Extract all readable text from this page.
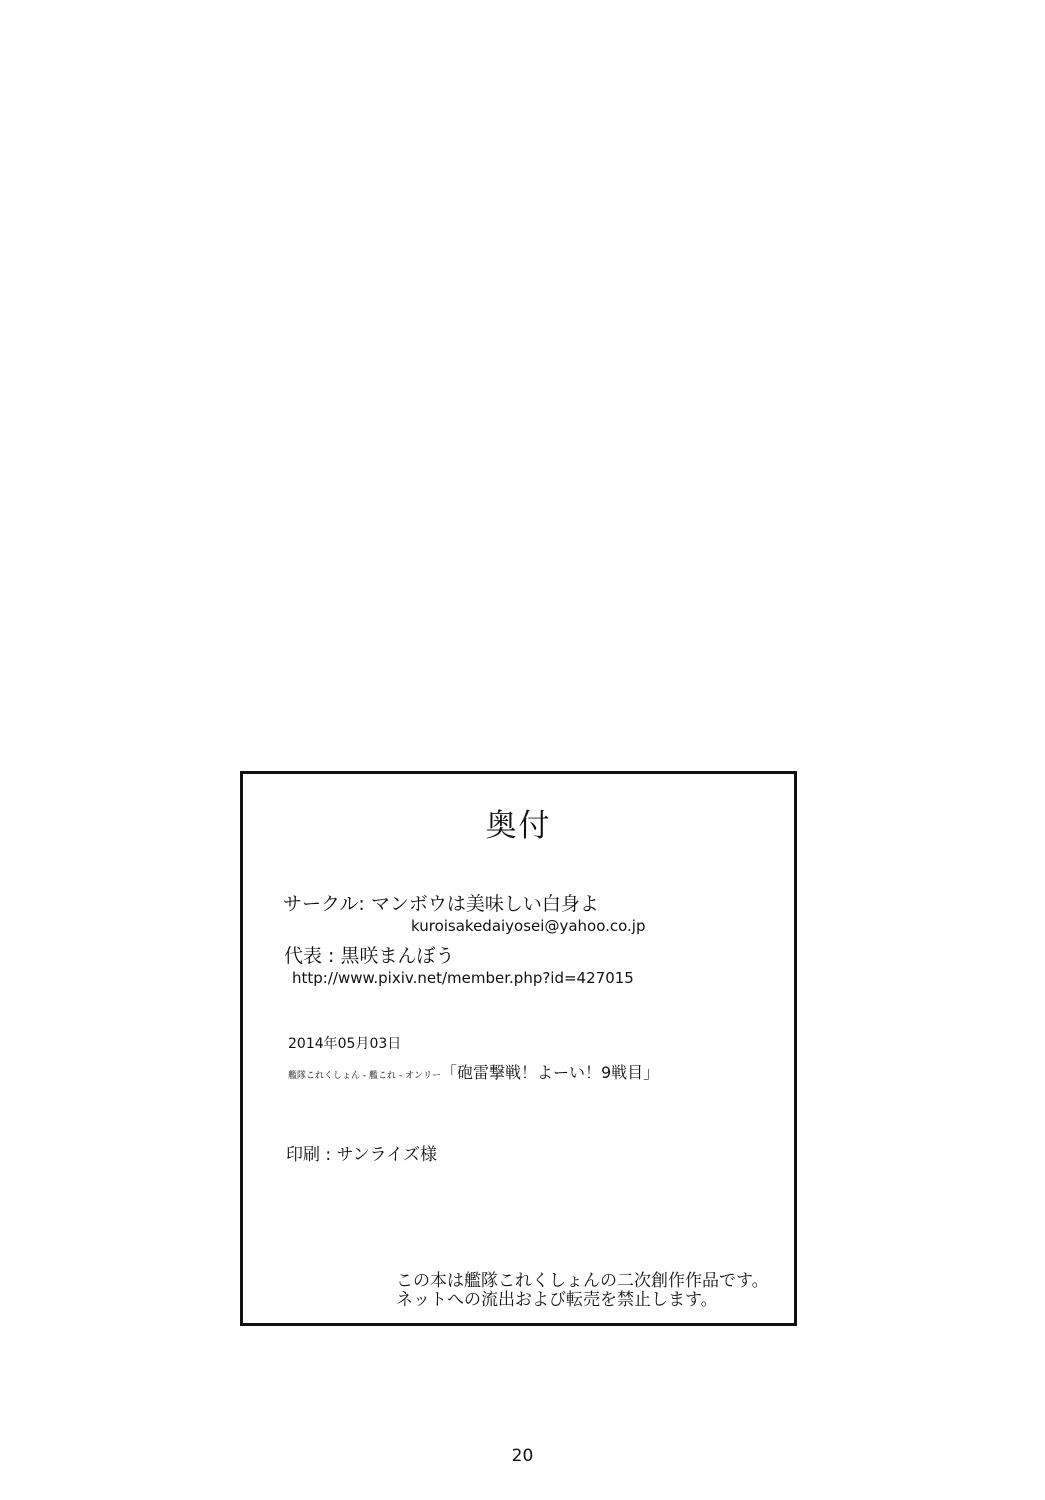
奥付
サークル: マンボウは美味しい白身よ
kuroisakedaiyosei@yahoo.co.jp
代表 : 黒咲まんぼう
http://www.pixiv.net/member.php?id=427015
2014年05月03日
艦隊これくしょん - 艦これ - オンリー「砲雷撃戦！よーい！9戦目」
印刷 : サンライズ様
この本は艦隊これくしょんの二次創作作品です。
ネットへの流出および転売を禁止します。
20
